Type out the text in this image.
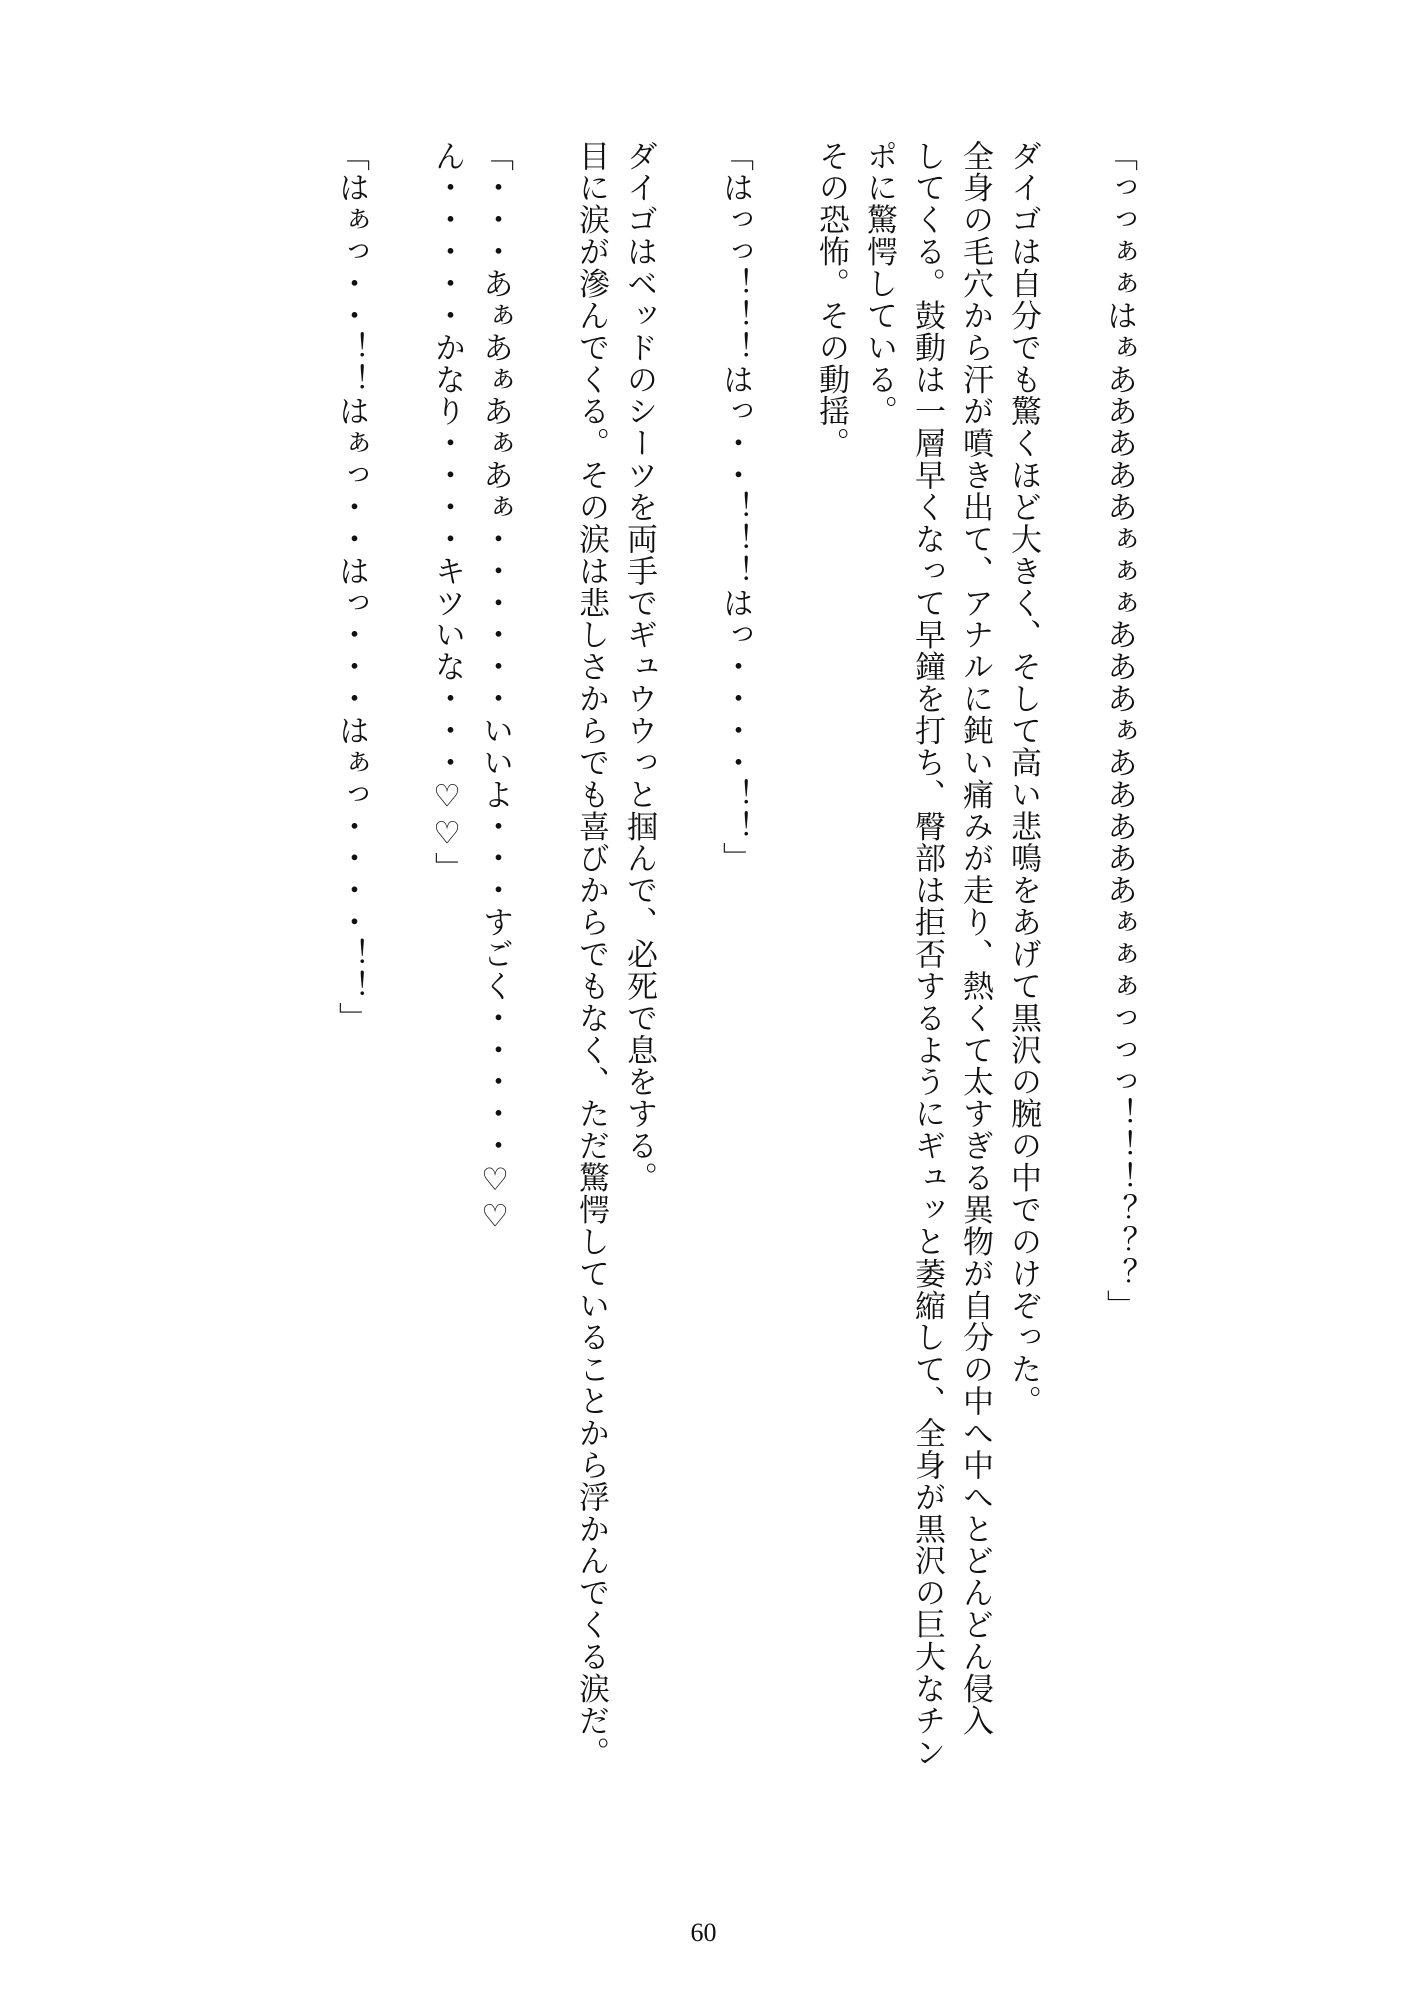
「っっぁぁはぁあああああぁぁぁあああぁあああああぁぁぁっっっ！！！？？？」
ダイゴは自分でも驚くほど大きく、そして高い悲鳴をあげて黒沢の腕の中でのけぞった。
全身の毛穴から汗が噴き出て、アナルに鈍い痛みが走り、熱くて太すぎる異物が自分の中へ中へとどんどん侵入
してくる。鼓動は一層早くなって早鐘を打ち、臀部は拒否するようにギュッと萎縮して、全身が黒沢の巨大なチン
ポに驚愕している。
その恐怖。その動揺。
「はっっ！！！はっ・・！！！はっ・・・・！！」
ダイゴはベッドのシーツを両手でギュウウっと掴んで、必死で息をする。
目に涙が滲んでくる。その涙は悲しさからでも喜びからでもなく、ただ驚愕していることから浮かんでくる涙だ。
「・・・あぁあぁあぁあぁ・・・・・・いいよ・・・すごく・・・・・♡♡
ん・・・・・かなり・・・・キツいな・・・♡♡」
「はぁっ・・！！はぁっ・・はっ・・・はぁっ・・・・！！」
60
